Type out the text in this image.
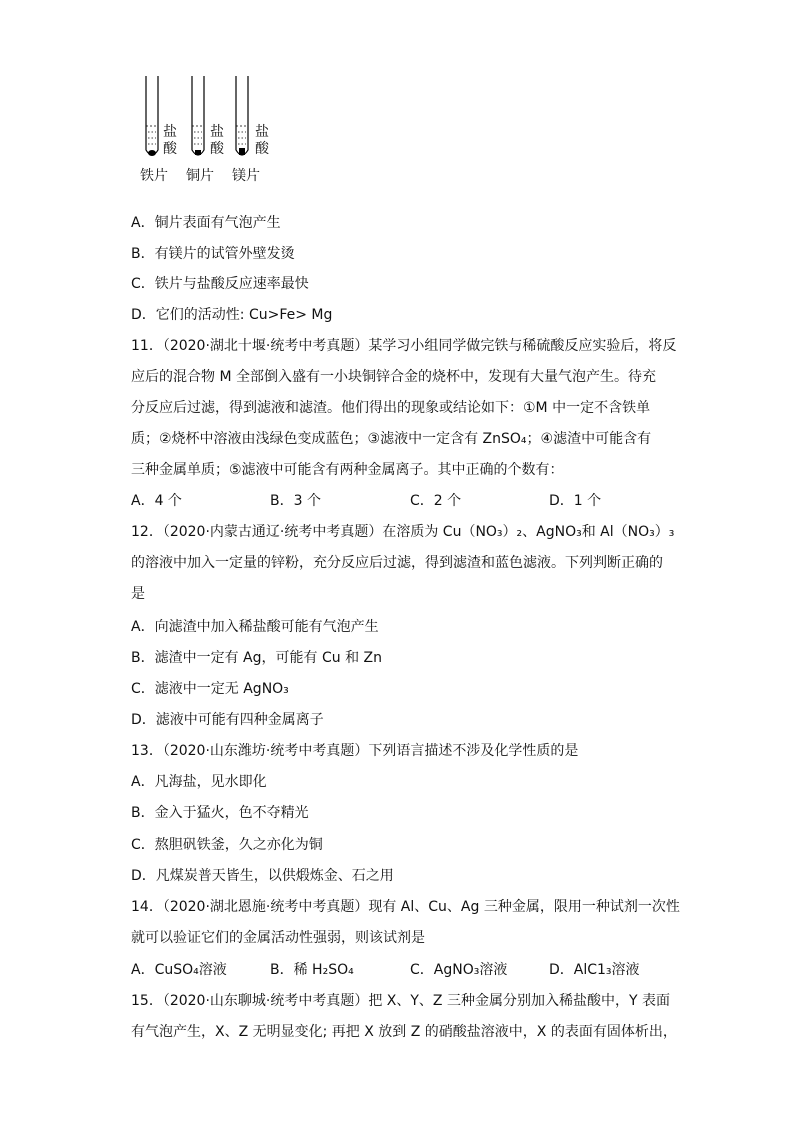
盐酸
盐酸
盐酸
铁片 铜片 镁片
A．铜片表面有气泡产生
B．有镁片的试管外壁发烫
C．铁片与盐酸反应速率最快
D．它们的活动性: Cu>Fe> Mg
11．（2020·湖北十堰·统考中考真题）某学习小组同学做完铁与稀硫酸反应实验后，将反
应后的混合物 M 全部倒入盛有一小块铜锌合金的烧杯中，发现有大量气泡产生。待充
分反应后过滤，得到滤液和滤渣。他们得出的现象或结论如下：①M 中一定不含铁单
质；②烧杯中溶液由浅绿色变成蓝色；③滤液中一定含有 ZnSO₄；④滤渣中可能含有
三种金属单质；⑤滤液中可能含有两种金属离子。其中正确的个数有：
A．4 个	B．3 个	C．2 个	D．1 个
12．（2020·内蒙古通辽·统考中考真题）在溶质为 Cu（NO₃）₂、AgNO₃和 Al（NO₃）₃
的溶液中加入一定量的锌粉，充分反应后过滤，得到滤渣和蓝色滤液。下列判断正确的
是
A．向滤渣中加入稀盐酸可能有气泡产生
B．滤渣中一定有 Ag，可能有 Cu 和 Zn
C．滤液中一定无 AgNO₃
D．滤液中可能有四种金属离子
13．（2020·山东潍坊·统考中考真题）下列语言描述不涉及化学性质的是
A．凡海盐，见水即化
B．金入于猛火，色不夺精光
C．熬胆矾铁釜，久之亦化为铜
D．凡煤炭普天皆生，以供煅炼金、石之用
14．（2020·湖北恩施·统考中考真题）现有 Al、Cu、Ag 三种金属，限用一种试剂一次性
就可以验证它们的金属活动性强弱，则该试剂是
A．CuSO₄溶液	B．稀 H₂SO₄	C．AgNO₃溶液	D．AlC1₃溶液
15．（2020·山东聊城·统考中考真题）把 X、Y、Z 三种金属分别加入稀盐酸中，Y 表面
有气泡产生，X、Z 无明显变化; 再把 X 放到 Z 的硝酸盐溶液中，X 的表面有固体析出，
